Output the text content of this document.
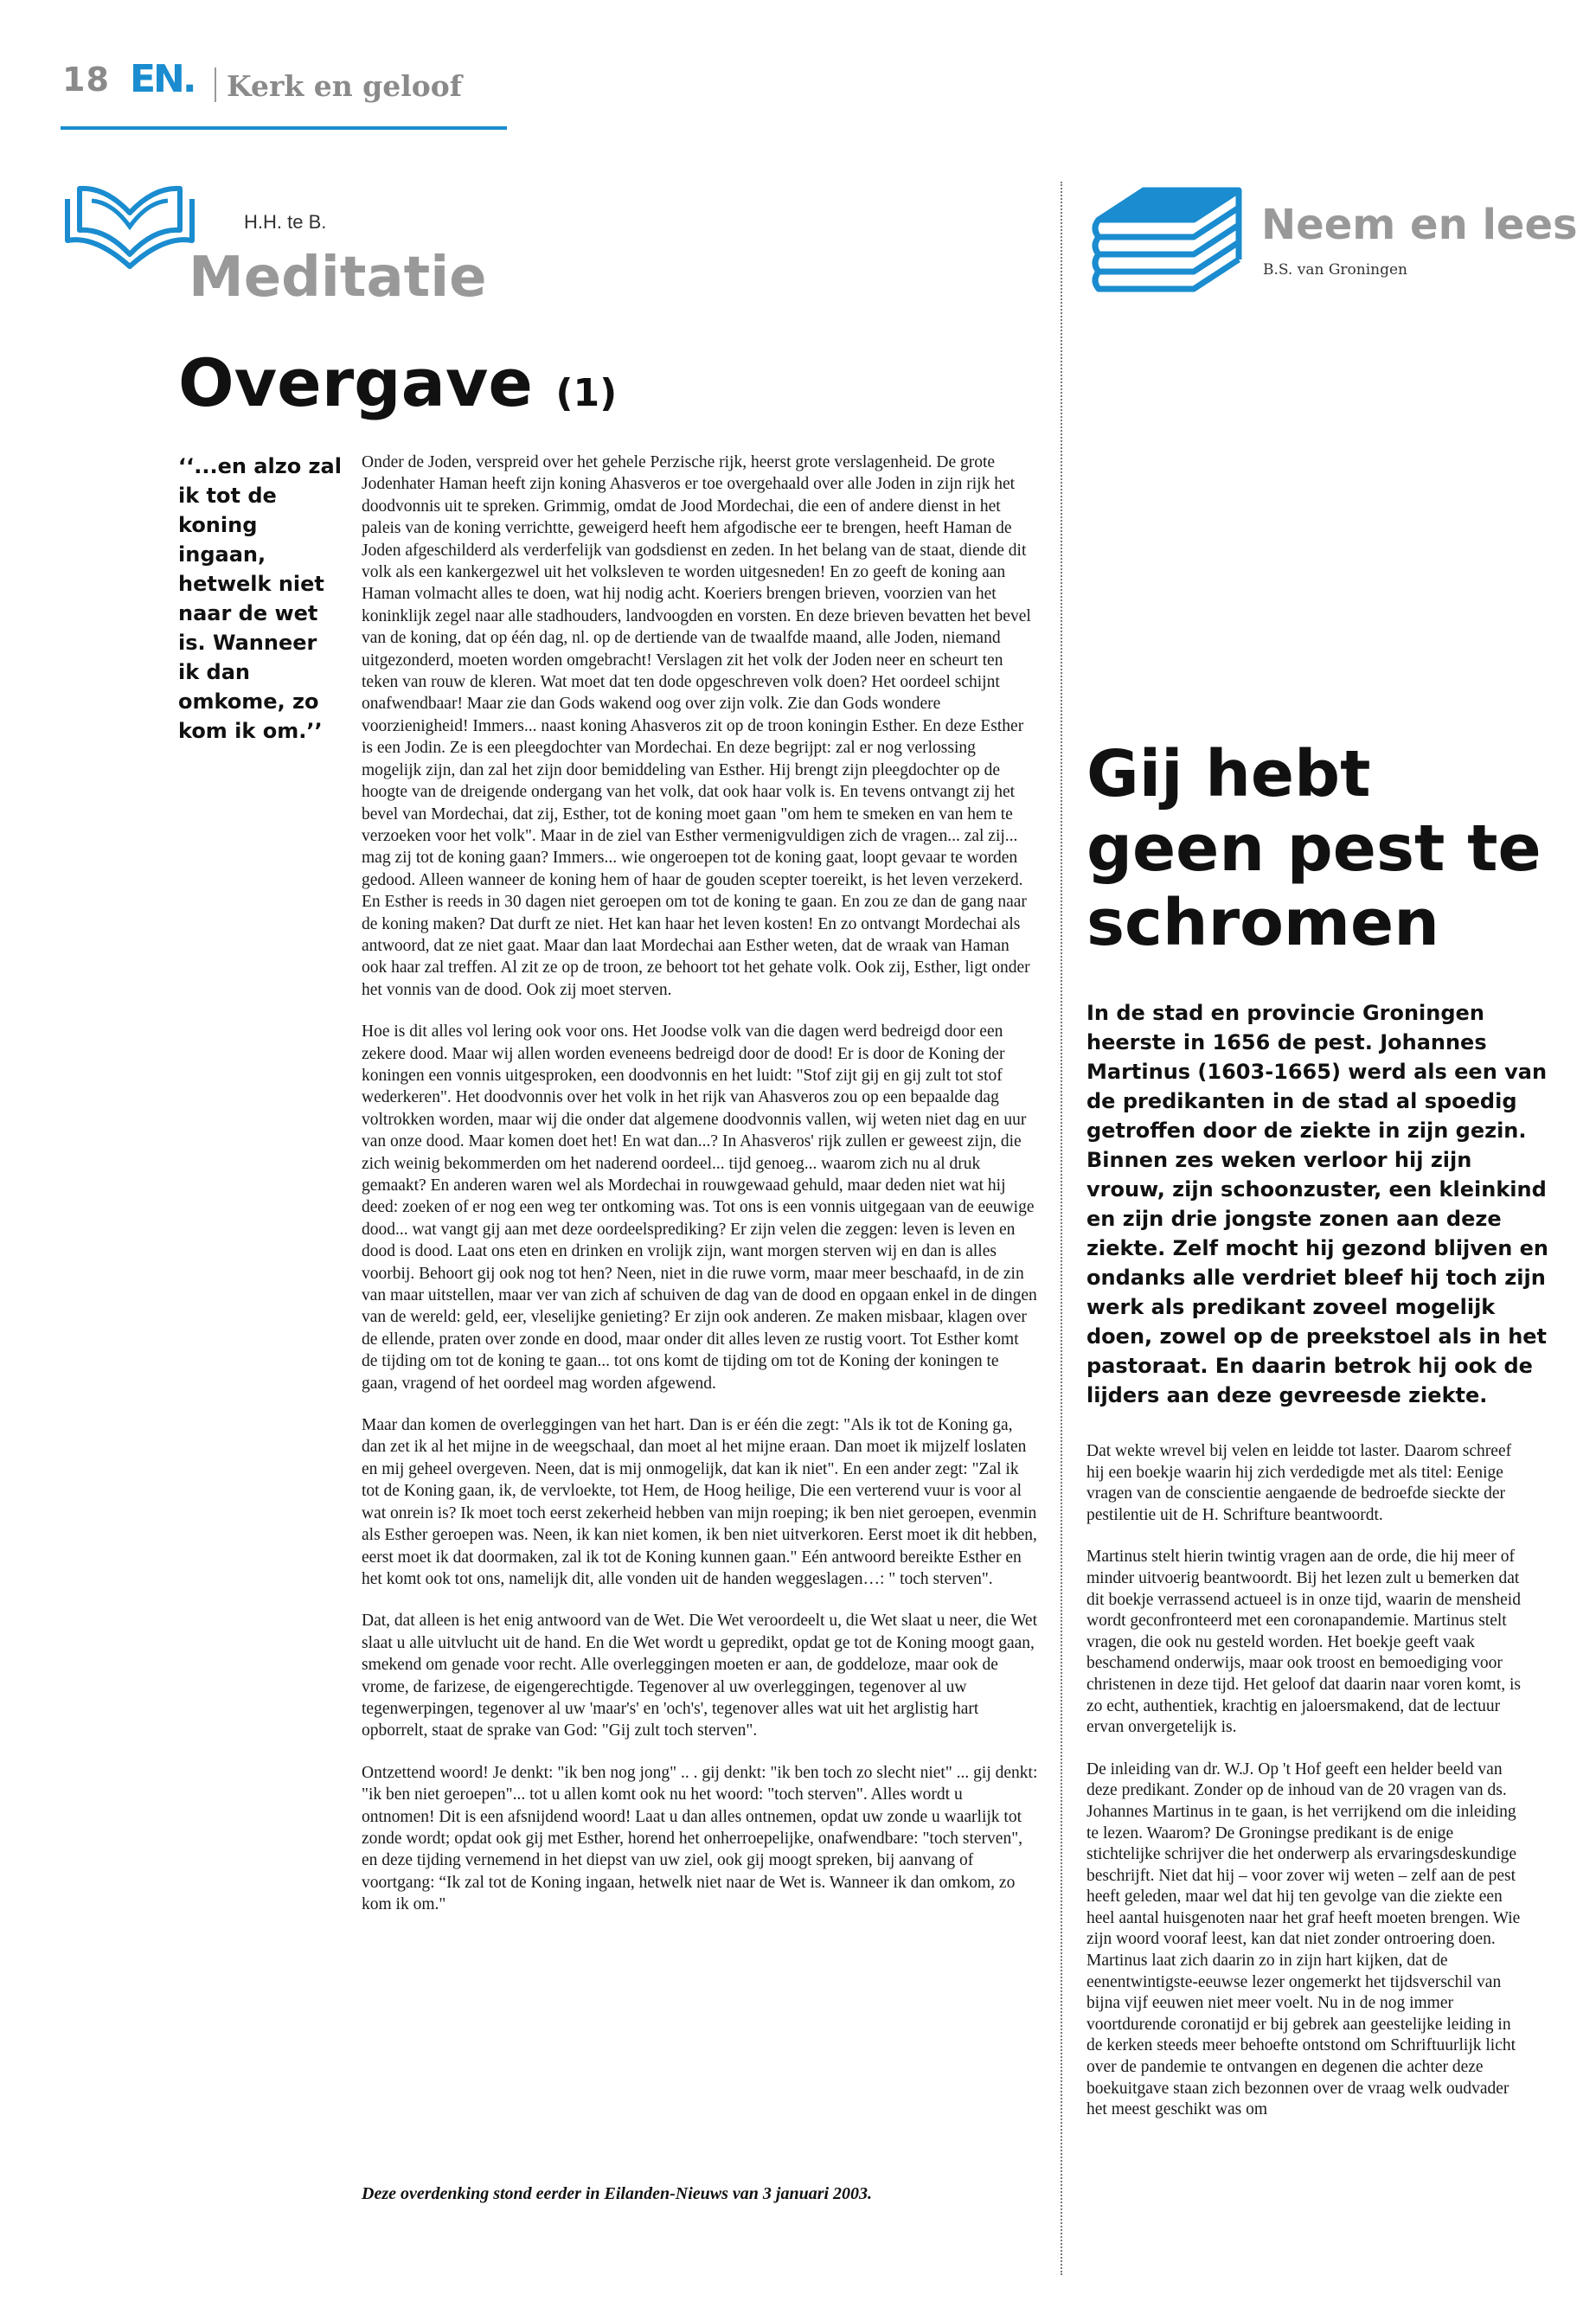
18 EN. Kerk en geloof
H.H. te B.
Meditatie
Overgave (1)
‘‘...en alzo zal ik tot de koning ingaan, hetwelk niet naar de wet is. Wanneer ik dan omkome, zo kom ik om.’’

Onder de Joden, verspreid over het gehele Perzische rijk, heerst grote verslagenheid. De grote Jodenhater Haman heeft zijn koning Ahasveros er toe overgehaald over alle Joden in zijn rijk het doodvonnis uit te spreken. Grimmig, omdat de Jood Mordechai, die een of andere dienst in het paleis van de koning verrichtte, geweigerd heeft hem afgodische eer te brengen, heeft Haman de Joden afgeschilderd als verderfelijk van godsdienst en zeden. In het belang van de staat, diende dit volk als een kankergezwel uit het volksleven te worden uitgesneden! En zo geeft de koning aan Haman volmacht alles te doen, wat hij nodig acht. Koeriers brengen brieven, voorzien van het koninklijk zegel naar alle stadhouders, landvoogden en vorsten. En deze brieven bevatten het bevel van de koning, dat op één dag, nl. op de dertiende van de twaalfde maand, alle Joden, niemand uitgezonderd, moeten worden omgebracht! Verslagen zit het volk der Joden neer en scheurt ten teken van rouw de kleren. Wat moet dat ten dode opgeschreven volk doen? Het oordeel schijnt onafwendbaar! Maar zie dan Gods wakend oog over zijn volk. Zie dan Gods wondere voorzienigheid! Immers... naast koning Ahasveros zit op de troon koningin Esther. En deze Esther is een Jodin. Ze is een pleegdochter van Mordechai. En deze begrijpt: zal er nog verlossing mogelijk zijn, dan zal het zijn door bemiddeling van Esther. Hij brengt zijn pleegdochter op de hoogte van de dreigende ondergang van het volk, dat ook haar volk is. En tevens ontvangt zij het bevel van Mordechai, dat zij, Esther, tot de koning moet gaan "om hem te smeken en van hem te verzoeken voor het volk". Maar in de ziel van Esther vermenigvuldigen zich de vragen... zal zij... mag zij tot de koning gaan? Immers... wie ongeroepen tot de koning gaat, loopt gevaar te worden gedood. Alleen wanneer de koning hem of haar de gouden scepter toereikt, is het leven verzekerd. En Esther is reeds in 30 dagen niet geroepen om tot de koning te gaan. En zou ze dan de gang naar de koning maken? Dat durft ze niet. Het kan haar het leven kosten! En zo ontvangt Mordechai als antwoord, dat ze niet gaat. Maar dan laat Mordechai aan Esther weten, dat de wraak van Haman ook haar zal treffen. Al zit ze op de troon, ze behoort tot het gehate volk. Ook zij, Esther, ligt onder het vonnis van de dood. Ook zij moet sterven.

Hoe is dit alles vol lering ook voor ons. Het Joodse volk van die dagen werd bedreigd door een zekere dood. Maar wij allen worden eveneens bedreigd door de dood! Er is door de Koning der koningen een vonnis uitgesproken, een doodvonnis en het luidt: "Stof zijt gij en gij zult tot stof wederkeren". Het doodvonnis over het volk in het rijk van Ahasveros zou op een bepaalde dag voltrokken worden, maar wij die onder dat algemene doodvonnis vallen, wij weten niet dag en uur van onze dood. Maar komen doet het! En wat dan...? In Ahasveros' rijk zullen er geweest zijn, die zich weinig bekommerden om het naderend oordeel... tijd genoeg... waarom zich nu al druk gemaakt? En anderen waren wel als Mordechai in rouwgewaad gehuld, maar deden niet wat hij deed: zoeken of er nog een weg ter ontkoming was. Tot ons is een vonnis uitgegaan van de eeuwige dood... wat vangt gij aan met deze oordeelsprediking? Er zijn velen die zeggen: leven is leven en dood is dood. Laat ons eten en drinken en vrolijk zijn, want morgen sterven wij en dan is alles voorbij. Behoort gij ook nog tot hen? Neen, niet in die ruwe vorm, maar meer beschaafd, in de zin van maar uitstellen, maar ver van zich af schuiven de dag van de dood en opgaan enkel in de dingen van de wereld: geld, eer, vleselijke genieting? Er zijn ook anderen. Ze maken misbaar, klagen over de ellende, praten over zonde en dood, maar onder dit alles leven ze rustig voort. Tot Esther komt de tijding om tot de koning te gaan... tot ons komt de tijding om tot de Koning der koningen te gaan, vragend of het oordeel mag worden afgewend.

Maar dan komen de overleggingen van het hart. Dan is er één die zegt: "Als ik tot de Koning ga, dan zet ik al het mijne in de weegschaal, dan moet al het mijne eraan. Dan moet ik mijzelf loslaten en mij geheel overgeven. Neen, dat is mij onmogelijk, dat kan ik niet". En een ander zegt: "Zal ik tot de Koning gaan, ik, de vervloekte, tot Hem, de Hoog heilige, Die een verterend vuur is voor al wat onrein is? Ik moet toch eerst zekerheid hebben van mijn roeping; ik ben niet geroepen, evenmin als Esther geroepen was. Neen, ik kan niet komen, ik ben niet uitverkoren. Eerst moet ik dit hebben, eerst moet ik dat doormaken, zal ik tot de Koning kunnen gaan." Eén antwoord bereikte Esther en het komt ook tot ons, namelijk dit, alle vonden uit de handen weggeslagen…: " toch sterven".

Dat, dat alleen is het enig antwoord van de Wet. Die Wet veroordeelt u, die Wet slaat u neer, die Wet slaat u alle uitvlucht uit de hand. En die Wet wordt u gepredikt, opdat ge tot de Koning moogt gaan, smekend om genade voor recht. Alle overleggingen moeten er aan, de goddeloze, maar ook de vrome, de farizese, de eigengerechtigde. Tegenover al uw overleggingen, tegenover al uw tegenwerpingen, tegenover al uw 'maar's' en 'och's', tegenover alles wat uit het arglistig hart opborrelt, staat de sprake van God: "Gij zult toch sterven".

Ontzettend woord! Je denkt: "ik ben nog jong" .. . gij denkt: "ik ben toch zo slecht niet" ... gij denkt: "ik ben niet geroepen"... tot u allen komt ook nu het woord: "toch sterven". Alles wordt u ontnomen! Dit is een afsnijdend woord! Laat u dan alles ontnemen, opdat uw zonde u waarlijk tot zonde wordt; opdat ook gij met Esther, horend het onherroepelijke, onafwendbare: "toch sterven", en deze tijding vernemend in het diepst van uw ziel, ook gij moogt spreken, bij aanvang of voortgang: “Ik zal tot de Koning ingaan, hetwelk niet naar de Wet is. Wanneer ik dan omkom, zo kom ik om."

Deze overdenking stond eerder in Eilanden-Nieuws van 3 januari 2003.
Neem en lees
B.S. van Groningen
Gij hebt geen pest te schromen
In de stad en provincie Groningen heerste in 1656 de pest. Johannes Martinus (1603-1665) werd als een van de predikanten in de stad al spoedig getroffen door de ziekte in zijn gezin. Binnen zes weken verloor hij zijn vrouw, zijn schoonzuster, een kleinkind en zijn drie jongste zonen aan deze ziekte. Zelf mocht hij gezond blijven en ondanks alle verdriet bleef hij toch zijn werk als predikant zoveel mogelijk doen, zowel op de preekstoel als in het pastoraat. En daarin betrok hij ook de lijders aan deze gevreesde ziekte.

Dat wekte wrevel bij velen en leidde tot laster. Daarom schreef hij een boekje waarin hij zich verdedigde met als titel: Eenige vragen van de conscientie aengaende de bedroefde sieckte der pestilentie uit de H. Schrifture beantwoordt.

Martinus stelt hierin twintig vragen aan de orde, die hij meer of minder uitvoerig beantwoordt. Bij het lezen zult u bemerken dat dit boekje verrassend actueel is in onze tijd, waarin de mensheid wordt geconfronteerd met een coronapandemie. Martinus stelt vragen, die ook nu gesteld worden. Het boekje geeft vaak beschamend onderwijs, maar ook troost en bemoediging voor christenen in deze tijd. Het geloof dat daarin naar voren komt, is zo echt, authentiek, krachtig en jaloersmakend, dat de lectuur ervan onvergetelijk is.

De inleiding van dr. W.J. Op 't Hof geeft een helder beeld van deze predikant. Zonder op de inhoud van de 20 vragen van ds. Johannes Martinus in te gaan, is het verrijkend om die inleiding te lezen. Waarom? De Groningse predikant is de enige stichtelijke schrijver die het onderwerp als ervaringsdeskundige beschrijft. Niet dat hij – voor zover wij weten – zelf aan de pest heeft geleden, maar wel dat hij ten gevolge van die ziekte een heel aantal huisgenoten naar het graf heeft moeten brengen. Wie zijn woord vooraf leest, kan dat niet zonder ontroering doen. Martinus laat zich daarin zo in zijn hart kijken, dat de eenentwintigste-eeuwse lezer ongemerkt het tijdsverschil van bijna vijf eeuwen niet meer voelt. Nu in de nog immer voortdurende coronatijd er bij gebrek aan geestelijke leiding in de kerken steeds meer behoefte ontstond om Schriftuurlijk licht over de pandemie te ontvangen en degenen die achter deze boekuitgave staan zich bezonnen over de vraag welk oudvader het meest geschikt was om
